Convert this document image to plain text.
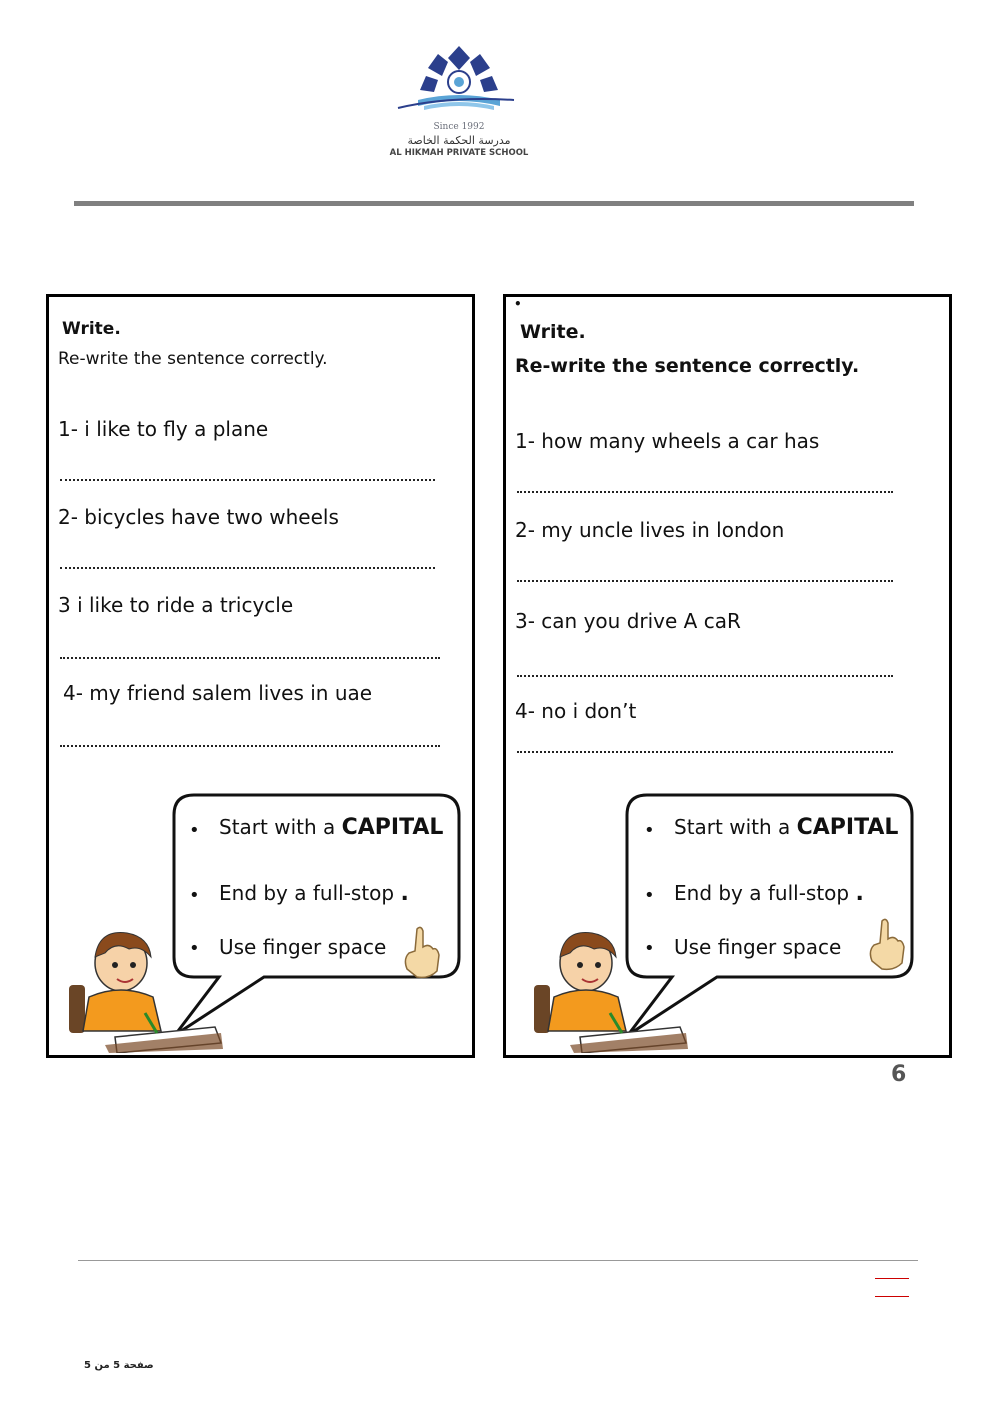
Since 1992
مدرسة الحكمة الخاصة
AL HIKMAH PRIVATE SCHOOL
Write.
Re-write the sentence correctly.
1- i like to fly a plane
2- bicycles have two wheels
3 i like to ride a tricycle
4- my friend salem lives in uae
• Start with a CAPITAL
• End by a full-stop .
• Use finger space
•
Write.
Re-write the sentence correctly.
1- how many wheels a car has
2- my uncle lives in london
3- can you drive A caR
4- no i don’t
• Start with a CAPITAL
• End by a full-stop .
• Use finger space
6
صفحة 5 من 5
